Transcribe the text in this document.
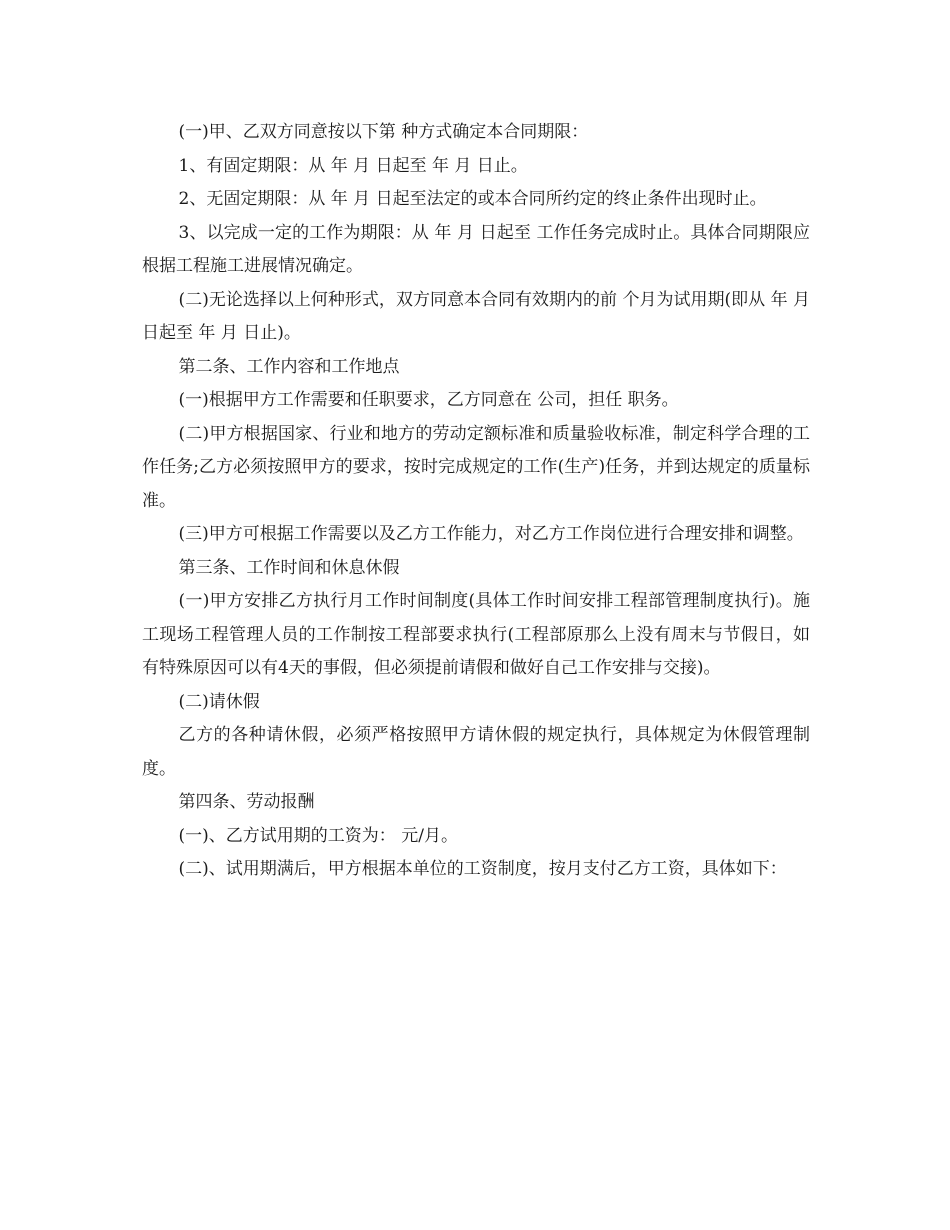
(一)甲、乙双方同意按以下第 种方式确定本合同期限：

1、有固定期限：从 年 月 日起至 年 月 日止。

2、无固定期限：从 年 月 日起至法定的或本合同所约定的终止条件出现时止。

3、以完成一定的工作为期限：从 年 月 日起至 工作任务完成时止。具体合同期限应根据工程施工进展情况确定。

(二)无论选择以上何种形式，双方同意本合同有效期内的前 个月为试用期(即从 年 月 日起至 年 月 日止)。

第二条、工作内容和工作地点

(一)根据甲方工作需要和任职要求，乙方同意在 公司，担任 职务。

(二)甲方根据国家、行业和地方的劳动定额标准和质量验收标准，制定科学合理的工作任务;乙方必须按照甲方的要求，按时完成规定的工作(生产)任务，并到达规定的质量标准。

(三)甲方可根据工作需要以及乙方工作能力，对乙方工作岗位进行合理安排和调整。

第三条、工作时间和休息休假

(一)甲方安排乙方执行月工作时间制度(具体工作时间安排工程部管理制度执行)。施工现场工程管理人员的工作制按工程部要求执行(工程部原那么上没有周末与节假日，如有特殊原因可以有4天的事假，但必须提前请假和做好自己工作安排与交接)。

(二)请休假

乙方的各种请休假，必须严格按照甲方请休假的规定执行，具体规定为休假管理制度。

第四条、劳动报酬

(一)、乙方试用期的工资为： 元/月。

(二)、试用期满后，甲方根据本单位的工资制度，按月支付乙方工资，具体如下：
